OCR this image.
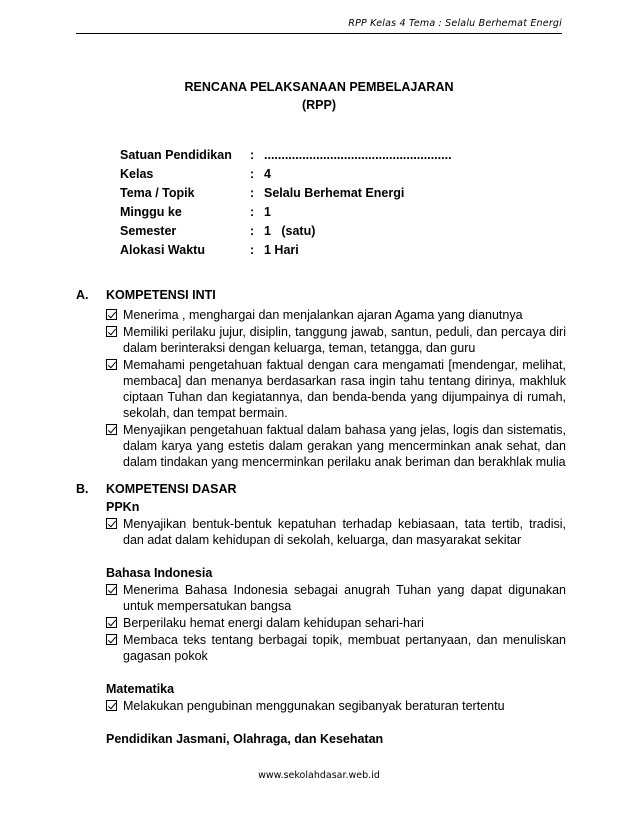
RPP Kelas 4 Tema : Selalu Berhemat Energi
RENCANA PELAKSANAAN PEMBELAJARAN
(RPP)
Satuan Pendidikan	: ......................................................
Kelas	: 4
Tema / Topik	: Selalu Berhemat Energi
Minggu ke	: 1
Semester	: 1   (satu)
Alokasi Waktu	: 1 Hari
A.	KOMPETENSI INTI
Menerima , menghargai dan menjalankan ajaran Agama yang dianutnya
Memiliki perilaku jujur, disiplin, tanggung jawab, santun, peduli, dan percaya diri dalam berinteraksi dengan keluarga, teman, tetangga, dan guru
Memahami pengetahuan faktual dengan cara mengamati [mendengar, melihat, membaca] dan menanya berdasarkan rasa ingin tahu tentang dirinya, makhluk ciptaan Tuhan dan kegiatannya, dan benda-benda yang dijumpainya di rumah, sekolah, dan tempat bermain.
Menyajikan pengetahuan faktual dalam bahasa yang jelas, logis dan sistematis, dalam karya yang estetis dalam gerakan yang mencerminkan anak sehat, dan dalam tindakan yang mencerminkan perilaku anak beriman dan berakhlak mulia
B.	KOMPETENSI DASAR
PPKn
Menyajikan bentuk-bentuk kepatuhan terhadap kebiasaan, tata tertib, tradisi, dan adat dalam kehidupan di sekolah, keluarga, dan masyarakat sekitar
Bahasa Indonesia
Menerima Bahasa Indonesia sebagai anugrah Tuhan yang dapat digunakan untuk mempersatukan bangsa
Berperilaku hemat energi dalam kehidupan sehari-hari
Membaca teks tentang berbagai topik, membuat pertanyaan, dan menuliskan gagasan pokok
Matematika
Melakukan pengubinan menggunakan segibanyak beraturan tertentu
Pendidikan Jasmani, Olahraga, dan Kesehatan
www.sekolahdasar.web.id
